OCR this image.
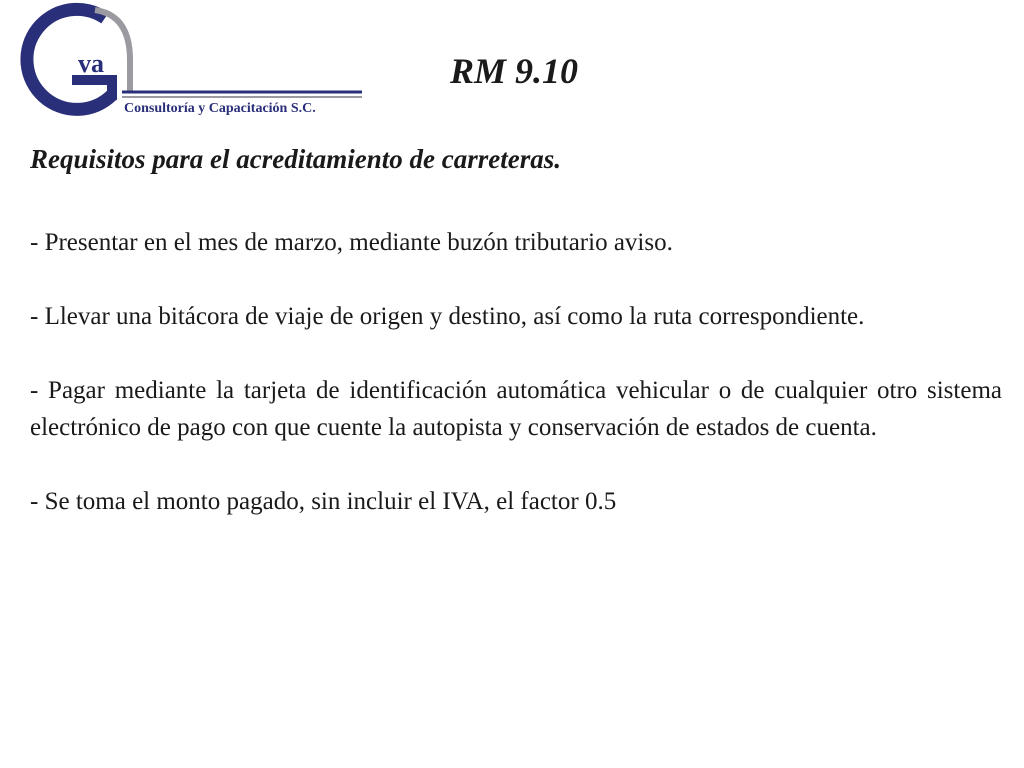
va
Consultoría y Capacitación S.C.
RM 9.10
Requisitos para el acreditamiento de carreteras.

- Presentar en el mes de marzo, mediante buzón tributario aviso.

- Llevar una bitácora de viaje de origen y destino, así como la ruta correspondiente.

- Pagar mediante la tarjeta de identificación automática vehicular o de cualquier otro sistema electrónico de pago con que cuente la autopista y conservación de estados de cuenta.

- Se toma el monto pagado, sin incluir el IVA, el factor 0.5
